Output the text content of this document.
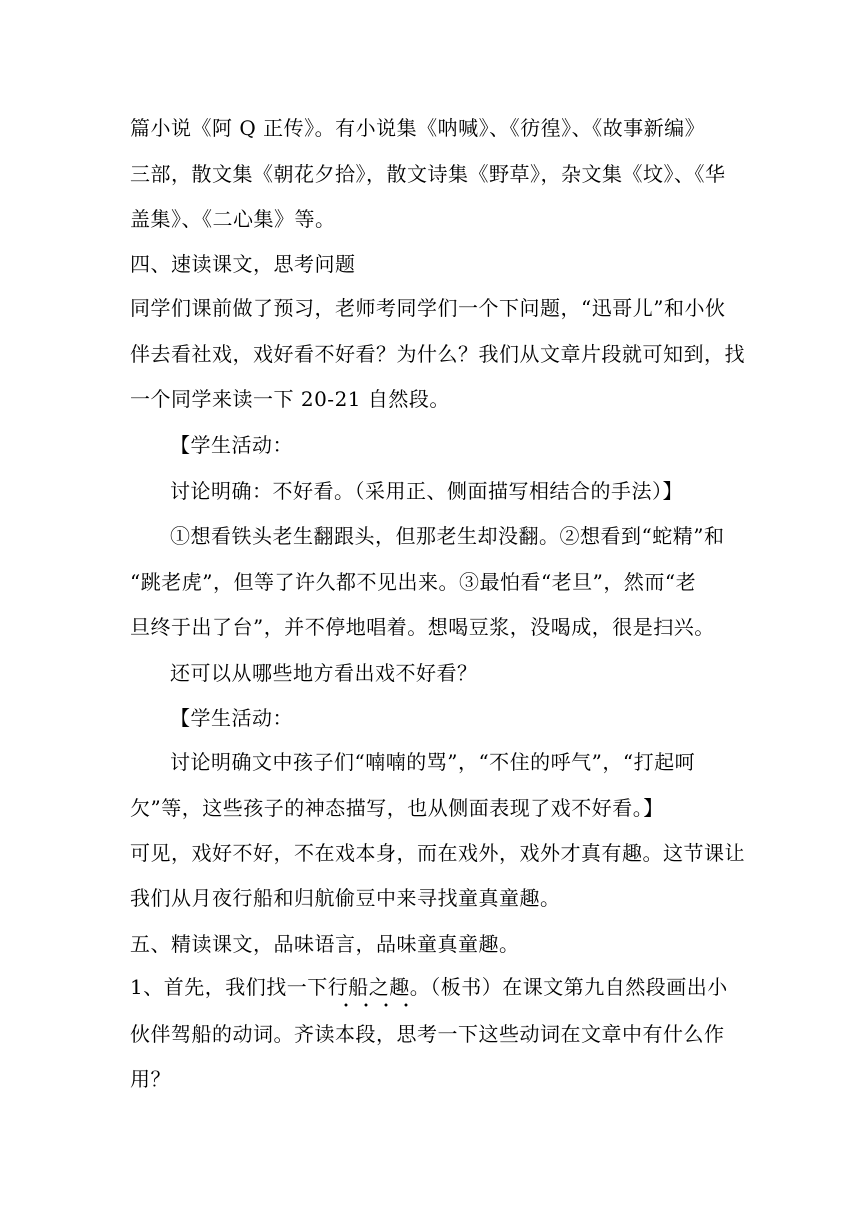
篇小说《阿 Q 正传》。有小说集《呐喊》、《彷徨》、《故事新编》
三部，散文集《朝花夕拾》，散文诗集《野草》，杂文集《坟》、《华
盖集》、《二心集》等。
四、速读课文，思考问题
同学们课前做了预习，老师考同学们一个下问题，“迅哥儿”和小伙
伴去看社戏，戏好看不好看？为什么？我们从文章片段就可知到，找
一个同学来读一下 20-21 自然段。
【学生活动：
讨论明确：不好看。（采用正、侧面描写相结合的手法）】
①想看铁头老生翻跟头，但那老生却没翻。②想看到“蛇精”和
“跳老虎”，但等了许久都不见出来。③最怕看“老旦”，然而“老
旦终于出了台”，并不停地唱着。想喝豆浆，没喝成，很是扫兴。
还可以从哪些地方看出戏不好看？
【学生活动：
讨论明确文中孩子们“喃喃的骂”，“不住的呼气”，“打起呵
欠”等，这些孩子的神态描写，也从侧面表现了戏不好看。】
可见，戏好不好，不在戏本身，而在戏外，戏外才真有趣。这节课让
我们从月夜行船和归航偷豆中来寻找童真童趣。
五、精读课文，品味语言，品味童真童趣。
1、首先，我们找一下行船之趣。（板书）在课文第九自然段画出小
伙伴驾船的动词。齐读本段，思考一下这些动词在文章中有什么作
用？
